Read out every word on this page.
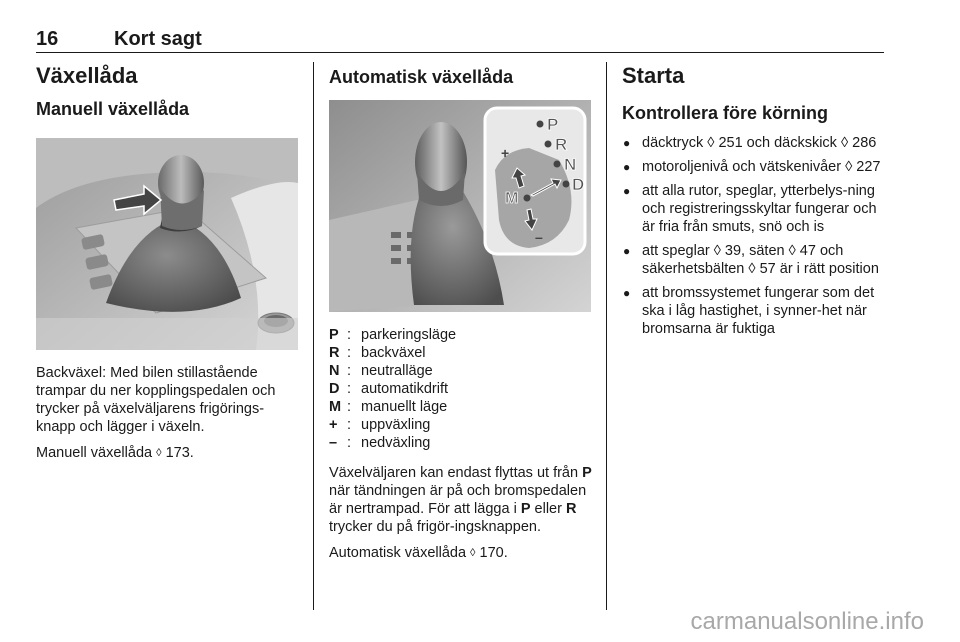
16	Kort sagt
Växellåda
Manuell växellåda

Backväxel: Med bilen stillastående trampar du ner kopplingspedalen och trycker på växelväljarens frigörings-knapp och lägger i växeln.

Manuell växellåda ◊ 173.

Automatisk växellåda
P
R
N
D
M
+
–
P : parkeringsläge
R : backväxel
N : neutralläge
D : automatikdrift
M : manuellt läge
+ : uppväxling
– : nedväxling

Växelväljaren kan endast flyttas ut från P när tändningen är på och bromspedalen är nertrampad. För att lägga i P eller R trycker du på frigör-ingsknappen.

Automatisk växellåda ◊ 170.

Starta
Kontrollera före körning
● däcktryck ◊ 251 och däckskick ◊ 286
● motoroljenivå och vätskenivåer ◊ 227
● att alla rutor, speglar, ytterbelys-ning och registreringsskyltar fungerar och är fria från smuts, snö och is
● att speglar ◊ 39, säten ◊ 47 och säkerhetsbälten ◊ 57 är i rätt position
● att bromssystemet fungerar som det ska i låg hastighet, i synner-het när bromsarna är fuktiga
carmanualsonline.info
